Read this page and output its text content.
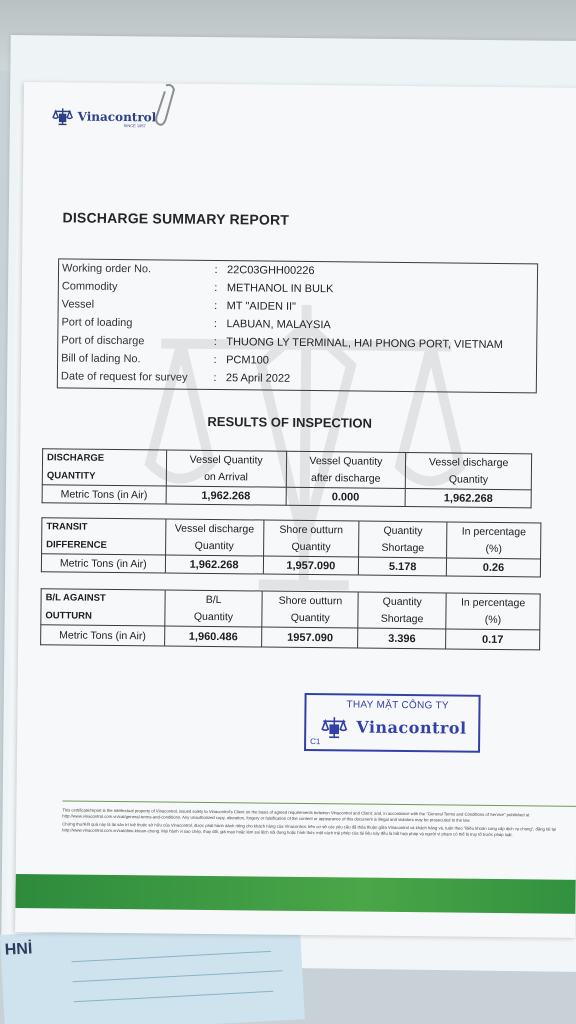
ỊNH
Vinacontrol
SINCE 1957
DISCHARGE SUMMARY REPORT
Working order No.	: 22C03GHH00226
Commodity	: METHANOL IN BULK
Vessel	: MT "AIDEN II"
Port of loading	: LABUAN, MALAYSIA
Port of discharge	: THUONG LY TERMINAL, HAI PHONG PORT, VIETNAM
Bill of lading No.	: PCM100
Date of request for survey	: 25 April 2022
RESULTS OF INSPECTION
DISCHARGE	Vessel Quantity	Vessel Quantity	Vessel discharge
QUANTITY	on Arrival	after discharge	Quantity
Metric Tons (in Air)	1,962.268	0.000	1,962.268
TRANSIT	Vessel discharge	Shore outturn	Quantity	In percentage
DIFFERENCE	Quantity	Quantity	Shortage	(%)
Metric Tons (in Air)	1,962.268	1,957.090	5.178	0.26
B/L AGAINST	B/L	Shore outturn	Quantity	In percentage
OUTTURN	Quantity	Quantity	Shortage	(%)
Metric Tons (in Air)	1,960.486	1957.090	3.396	0.17
THAY MẶT CÔNG TY
Vinacontrol
C1

This certificate/report is the intellectual property of Vinacontrol, issued solely to Vinacontrol's Client on the basis of agreed requirements between Vinacontrol and Client; and, in accordance with the "General Terms and Conditions of Service" published at http://www.vinacontrol.com.vn/cat/general-terms-and-conditions. Any unauthorized copy, alteration, forgery or falsification of the content or appearance of this document is illegal and violators may be prosecuted to the law.

Chứng thư/Kết quả này là tài sản trí tuệ thuộc sở hữu của Vinacontrol, được phát hành dành riêng cho khách hàng của Vinacontrol, trên cơ sở các yêu cầu đã thỏa thuận giữa Vinacontrol và khách hàng và, tuân theo "Điều khoản cung cấp dịch vụ chung", đăng tải tại http://www.vinacontrol.com.vn/cat/dieu-khoan-chung. Mọi hành vi sao chép, thay đổi, giả mạo hoặc làm sai lệch nội dung hoặc hình thức một cách trái phép của tài liệu này đều là bất hợp pháp và người vi phạm có thể bị truy tố trước pháp luật.
